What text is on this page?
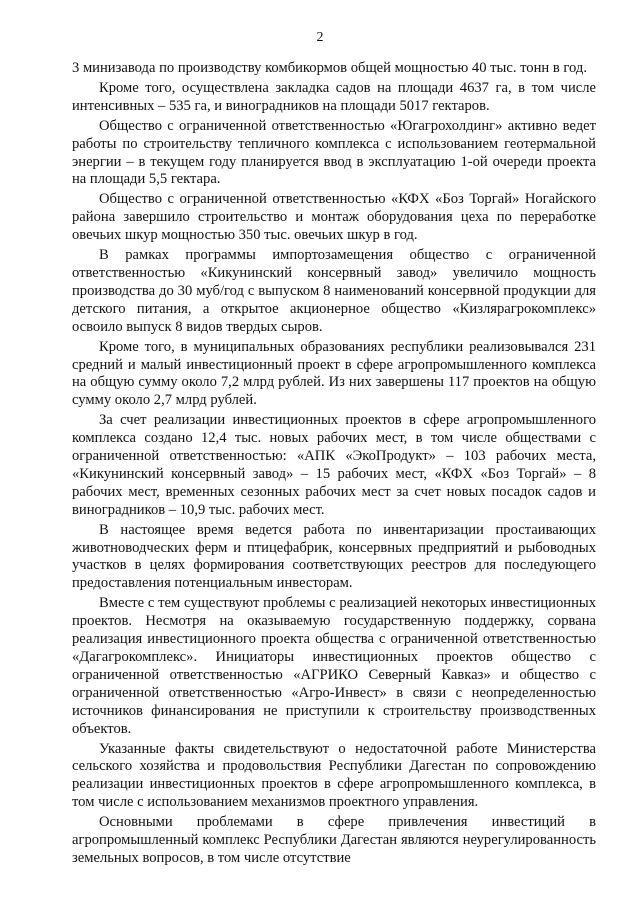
2

3 минизавода по производству комбикормов общей мощностью 40 тыс. тонн в год.

Кроме того, осуществлена закладка садов на площади 4637 га, в том числе интенсивных – 535 га, и виноградников на площади 5017 гектаров.

Общество с ограниченной ответственностью «Югагрохолдинг» активно ведет работы по строительству тепличного комплекса с использованием геотермальной энергии – в текущем году планируется ввод в эксплуатацию 1-ой очереди проекта на площади 5,5 гектара.

Общество с ограниченной ответственностью «КФХ «Боз Торгай» Ногайского района завершило строительство и монтаж оборудования цеха по переработке овечьих шкур мощностью 350 тыс. овечьих шкур в год.

В рамках программы импортозамещения общество с ограниченной ответственностью «Кикунинский консервный завод» увеличило мощность производства до 30 муб/год с выпуском 8 наименований консервной продукции для детского питания, а открытое акционерное общество «Кизлярагрокомплекс» освоило выпуск 8 видов твердых сыров.

Кроме того, в муниципальных образованиях республики реализовывался 231 средний и малый инвестиционный проект в сфере агропромышленного комплекса на общую сумму около 7,2 млрд рублей. Из них завершены 117 проектов на общую сумму около 2,7 млрд рублей.

За счет реализации инвестиционных проектов в сфере агропромышленного комплекса создано 12,4 тыс. новых рабочих мест, в том числе обществами с ограниченной ответственностью: «АПК «ЭкоПродукт» – 103 рабочих места, «Кикунинский консервный завод» – 15 рабочих мест, «КФХ «Боз Торгай» – 8 рабочих мест, временных сезонных рабочих мест за счет новых посадок садов и виноградников – 10,9 тыс. рабочих мест.

В настоящее время ведется работа по инвентаризации простаивающих животноводческих ферм и птицефабрик, консервных предприятий и рыбоводных участков в целях формирования соответствующих реестров для последующего предоставления потенциальным инвесторам.

Вместе с тем существуют проблемы с реализацией некоторых инвестиционных проектов. Несмотря на оказываемую государственную поддержку, сорвана реализация инвестиционного проекта общества с ограниченной ответственностью «Дагагрокомплекс». Инициаторы инвестиционных проектов общество с ограниченной ответственностью «АГРИКО Северный Кавказ» и общество с ограниченной ответственностью «Агро-Инвест» в связи с неопределенностью источников финансирования не приступили к строительству производственных объектов.

Указанные факты свидетельствуют о недостаточной работе Министерства сельского хозяйства и продовольствия Республики Дагестан по сопровождению реализации инвестиционных проектов в сфере агропромышленного комплекса, в том числе с использованием механизмов проектного управления.

Основными проблемами в сфере привлечения инвестиций в агропромышленный комплекс Республики Дагестан являются неурегулированность земельных вопросов, в том числе отсутствие
